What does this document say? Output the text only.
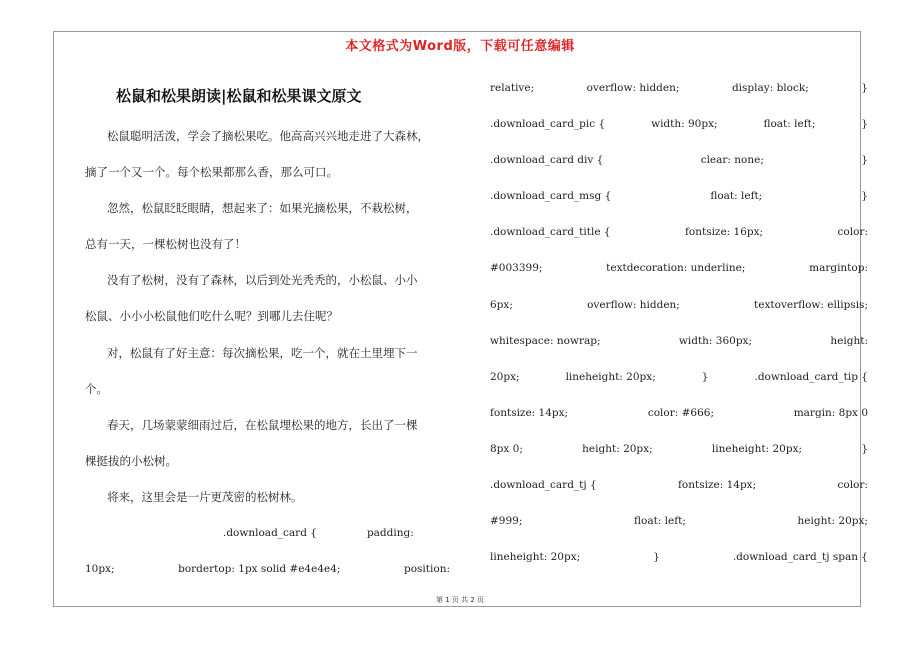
本文格式为Word版，下载可任意编辑
松鼠和松果朗读|松鼠和松果课文原文
松鼠聪明活泼，学会了摘松果吃。他高高兴兴地走进了大森林，
摘了一个又一个。每个松果都那么香，那么可口。
忽然，松鼠眨眨眼睛，想起来了：如果光摘松果，不栽松树，
总有一天，一棵松树也没有了！
没有了松树，没有了森林，以后到处光秃秃的，小松鼠、小小
松鼠、小小小松鼠他们吃什么呢？到哪儿去住呢？
对，松鼠有了好主意：每次摘松果，吃一个，就在土里埋下一
个。
春天，几场蒙蒙细雨过后，在松鼠埋松果的地方，长出了一棵
棵挺拔的小松树。
将来，这里会是一片更茂密的松树林。
.download_card {	padding:
10px;	bordertop: 1px solid #e4e4e4;	position:
relative;	overflow: hidden;	display: block;	}
.download_card_pic {	width: 90px;	float: left;	}
.download_card div {	clear: none;	}
.download_card_msg {	float: left;	}
.download_card_title {	fontsize: 16px;	color:
#003399;	textdecoration: underline;	margintop:
6px;	overflow: hidden;	textoverflow: ellipsis;
whitespace: nowrap;	width: 360px;	height:
20px;	lineheight: 20px;	}	.download_card_tip {
fontsize: 14px;	color: #666;	margin: 8px 0
8px 0;	height: 20px;	lineheight: 20px;	}
.download_card_tj {	fontsize: 14px;	color:
#999;	float: left;	height: 20px;
lineheight: 20px;	}	.download_card_tj span {
第 1 页 共 2 页
